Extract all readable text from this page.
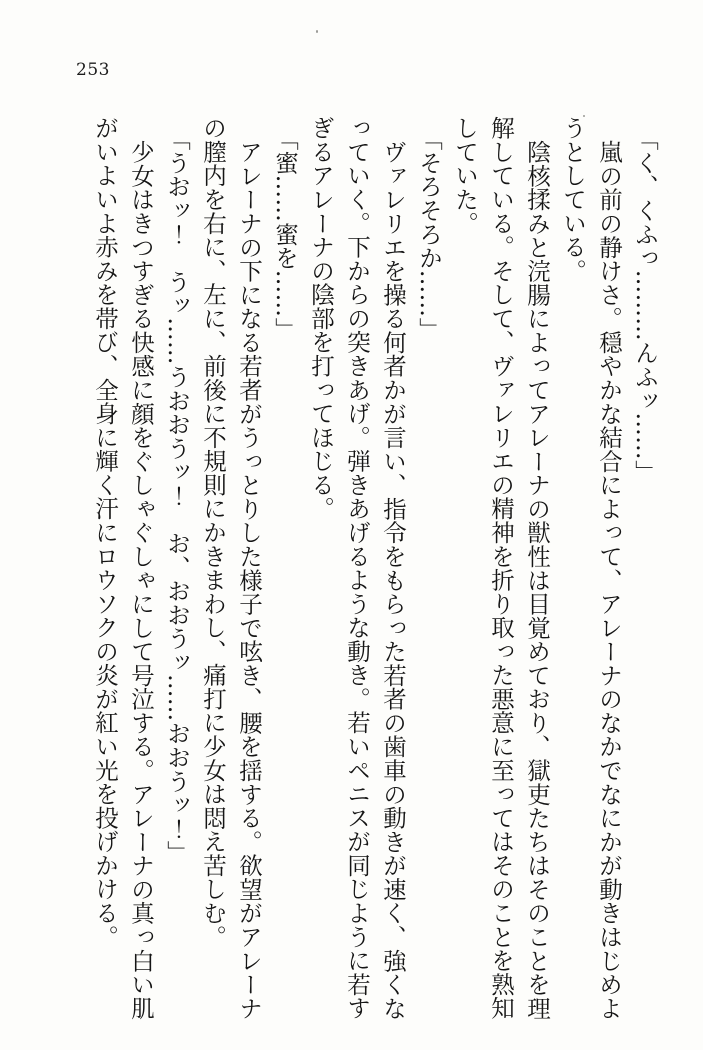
253

「く、くふっ………んふッ……」

嵐の前の静けさ。穏やかな結合によって、アレーナのなかでなにかが動きはじめようとしている。

陰核揉みと浣腸によってアレーナの獣性は目覚めており、獄吏たちはそのことを理解している。そして、ヴァレリエの精神を折り取った悪意に至ってはそのことを熟知していた。

「そろそろか……」

ヴァレリエを操る何者かが言い、指令をもらった若者の歯車の動きが速く、強くなっていく。下からの突きあげ。弾きあげるような動き。若いペニスが同じように若すぎるアレーナの陰部を打ってほじる。

「蜜……蜜を……」

アレーナの下になる若者がうっとりした様子で呟き、腰を揺する。欲望がアレーナの膣内を右に、左に、前後に不規則にかきまわし、痛打に少女は悶え苦しむ。

「うおッ！　うッ……うおおうッ！　お、おおうッ……おおうッ！」

少女はきつすぎる快感に顔をぐしゃぐしゃにして号泣する。アレーナの真っ白い肌がいよいよ赤みを帯び、全身に輝く汗にロウソクの炎が紅い光を投げかける。
